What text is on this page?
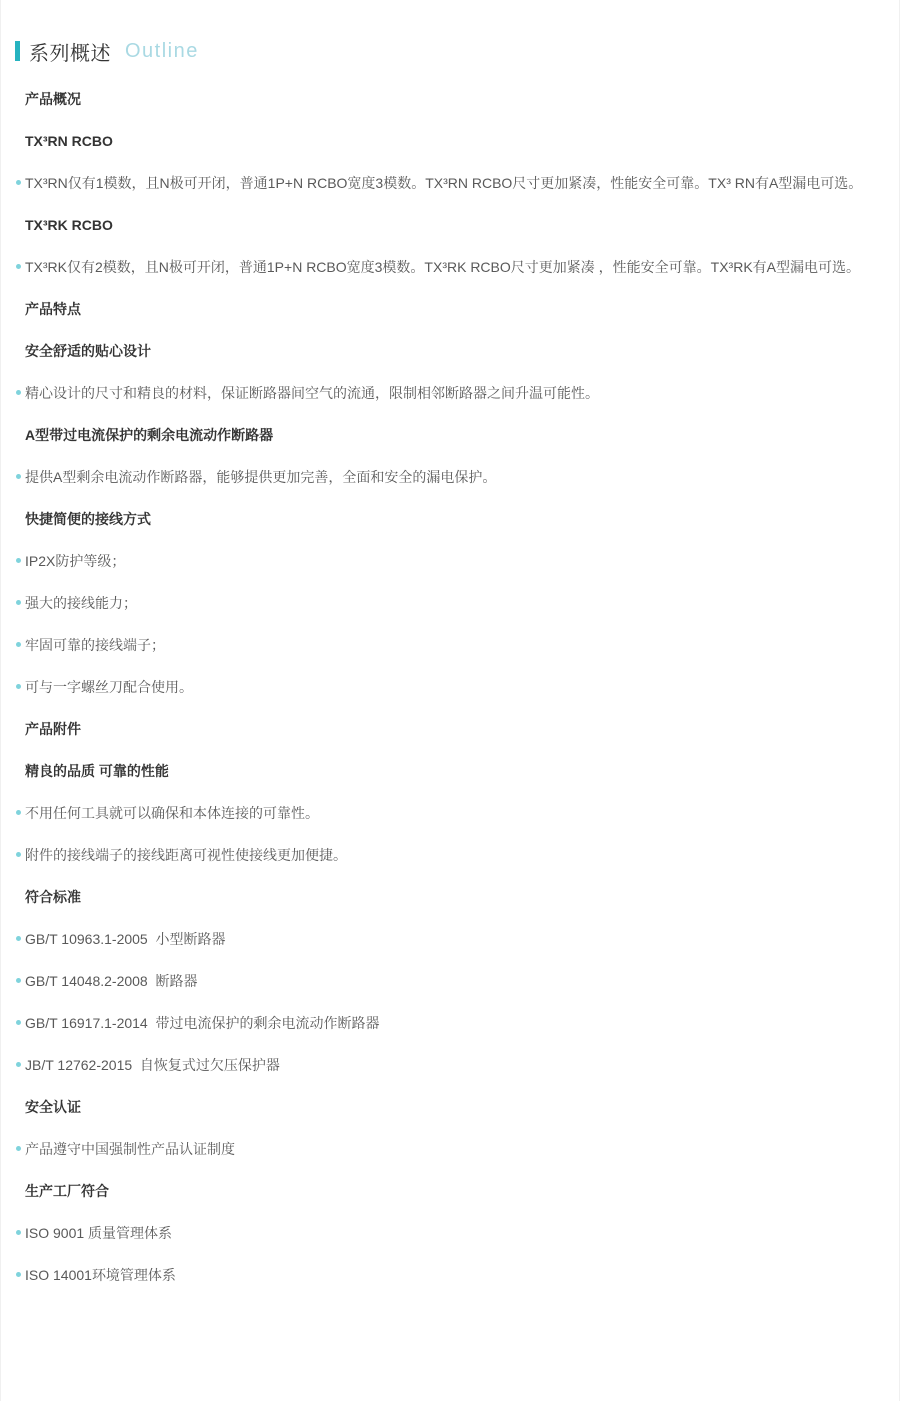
系列概述 Outline
产品概况
TX³RN RCBO
TX³RN仅有1模数，且N极可开闭，普通1P+N RCBO宽度3模数。TX³RN RCBO尺寸更加紧凑，性能安全可靠。TX³ RN有A型漏电可选。
TX³RK RCBO
TX³RK仅有2模数，且N极可开闭，普通1P+N RCBO宽度3模数。TX³RK RCBO尺寸更加紧凑 ，性能安全可靠。TX³RK有A型漏电可选。
产品特点
安全舒适的贴心设计
精心设计的尺寸和精良的材料，保证断路器间空气的流通，限制相邻断路器之间升温可能性。
A型带过电流保护的剩余电流动作断路器
提供A型剩余电流动作断路器，能够提供更加完善，全面和安全的漏电保护。
快捷简便的接线方式
IP2X防护等级；
强大的接线能力；
牢固可靠的接线端子；
可与一字螺丝刀配合使用。
产品附件
精良的品质 可靠的性能
不用任何工具就可以确保和本体连接的可靠性。
附件的接线端子的接线距离可视性使接线更加便捷。
符合标准
GB/T 10963.1-2005  小型断路器
GB/T 14048.2-2008  断路器
GB/T 16917.1-2014  带过电流保护的剩余电流动作断路器
JB/T 12762-2015  自恢复式过欠压保护器
安全认证
产品遵守中国强制性产品认证制度
生产工厂符合
ISO 9001 质量管理体系
ISO 14001环境管理体系
